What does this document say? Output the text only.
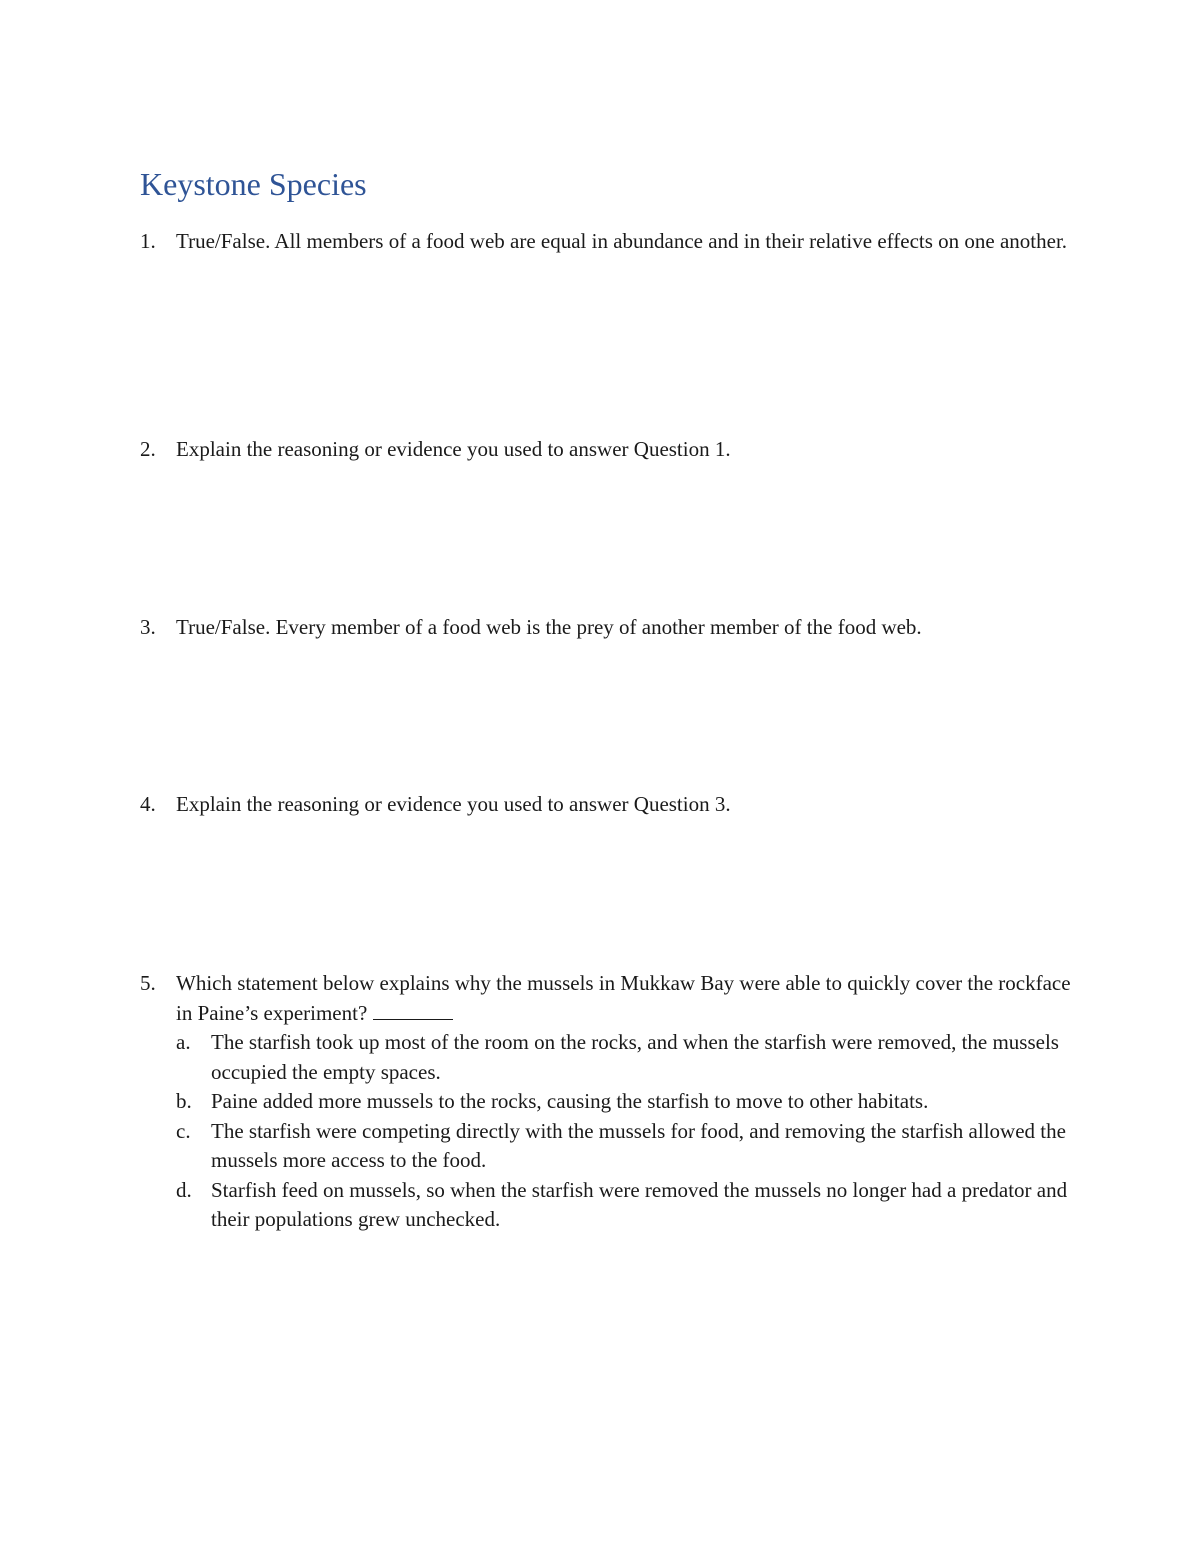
Keystone Species
1. True/False. All members of a food web are equal in abundance and in their relative effects on one another.
2. Explain the reasoning or evidence you used to answer Question 1.
3. True/False. Every member of a food web is the prey of another member of the food web.
4. Explain the reasoning or evidence you used to answer Question 3.
5. Which statement below explains why the mussels in Mukkaw Bay were able to quickly cover the rockface in Paine’s experiment?
a. The starfish took up most of the room on the rocks, and when the starfish were removed, the mussels occupied the empty spaces.
b. Paine added more mussels to the rocks, causing the starfish to move to other habitats.
c. The starfish were competing directly with the mussels for food, and removing the starfish allowed the mussels more access to the food.
d. Starfish feed on mussels, so when the starfish were removed the mussels no longer had a predator and their populations grew unchecked.
